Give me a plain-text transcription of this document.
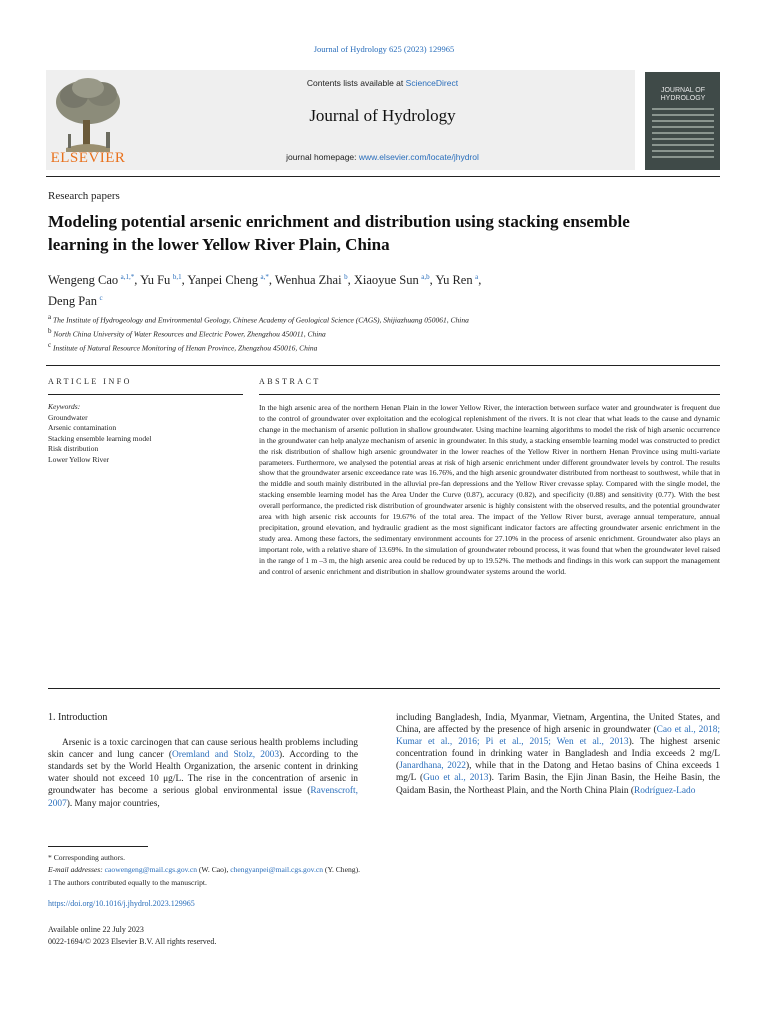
Journal of Hydrology 625 (2023) 129965
ELSEVIER
Contents lists available at ScienceDirect
Journal of Hydrology
journal homepage: www.elsevier.com/locate/jhydrol
JOURNAL OF HYDROLOGY
Research papers
Modeling potential arsenic enrichment and distribution using stacking ensemble learning in the lower Yellow River Plain, China
Wengeng Cao  $^{a,1,*}$, Yu Fu  $^{b,1}$, Yanpei Cheng  $^{a,*}$, Wenhua Zhai  $^b$, Xiaoyue Sun  $^{a,b}$, Yu Ren  $^a$,
Deng Pan  $^c$
$^a$ The Institute of Hydrogeology and Environmental Geology, Chinese Academy of Geological Science (CAGS), Shijiazhuang 050061, China
$^b$ North China University of Water Resources and Electric Power, Zhengzhou 450011, China
$^c$ Institute of Natural Resource Monitoring of Henan Province, Zhengzhou 450016, China
ARTICLE INFO	ABSTRACT
Keywords:
Groundwater
Arsenic contamination
Stacking ensemble learning model
Risk distribution
Lower Yellow River
In the high arsenic area of the northern Henan Plain in the lower Yellow River, the interaction between surface water and groundwater is frequent due to the control of groundwater over exploitation and the ecological replenishment of the rivers. It is not clear that what leads to the cause and dynamic change in the mechanism of arsenic pollution in shallow groundwater. Using machine learning algorithms to model the risk of high arsenic occurrence in the groundwater can help analyze mechanism of arsenic in groundwater. In this study, a stacking ensemble learning model was constructed to predict the risk distribution of shallow high arsenic groundwater in the lower reaches of the Yellow River in northern Henan Province using multi-variate parameters. Furthermore, we analysed the potential areas at risk of high arsenic enrichment under different groundwater levels by control. The results show that the groundwater arsenic exceedance rate was 16.76%, and the high arsenic groundwater distributed from northeast to southwest, while that in the middle and south mainly distributed in the alluvial pre-fan depressions and the Yellow River crevasse splay. Compared with the single model, the stacking ensemble learning model has the Area Under the Curve (0.87), accuracy (0.82), and specificity (0.88) and sensitivity (0.77). With the best overall performance, the predicted risk distribution of groundwater arsenic is highly consistent with the observed results, and the potential groundwater area with high arsenic risk accounts for 19.67% of the total area. The impact of the Yellow River burst, average annual temperature, annual precipitation, ground elevation, and hydraulic gradient as the most significant indicator factors are affecting groundwater arsenic enrichment in the study area. Among these factors, the sedimentary environment accounts for 27.10% in the process of arsenic enrichment. Groundwater also plays an important role, with a relative share of 13.69%. In the simulation of groundwater rebound process, it was found that when the groundwater level raised in the range of 1 m –3 m, the high arsenic area could be reduced by up to 19.52%. The methods and findings in this work can support the management and control of arsenic enrichment and distribution in shallow groundwater systems around the world.
1. Introduction
Arsenic is a toxic carcinogen that can cause serious health problems including skin cancer and lung cancer (Oremland and Stolz, 2003). According to the standards set by the World Health Organization, the arsenic content in drinking water should not exceed 10 μg/L. The rise in the concentration of arsenic in groundwater has become a serious global environmental issue (Ravenscroft, 2007). Many major countries,
including Bangladesh, India, Myanmar, Vietnam, Argentina, the United States, and China, are affected by the presence of high arsenic in groundwater (Cao et al., 2018; Kumar et al., 2016; Pi et al., 2015; Wen et al., 2013). The highest arsenic concentration found in drinking water in Bangladesh and India exceeds 2 mg/L (Janardhana, 2022), while that in the Datong and Hetao basins of China exceeds 1 mg/L (Guo et al., 2013). Tarim Basin, the Ejin Jinan Basin, the Heihe Basin, the Qaidam Basin, the Northeast Plain, and the North China Plain (Rodríguez-Lado
* Corresponding authors.
E-mail addresses: caowengeng@mail.cgs.gov.cn (W. Cao), chengyanpei@mail.cgs.gov.cn (Y. Cheng).
1 The authors contributed equally to the manuscript.
https://doi.org/10.1016/j.jhydrol.2023.129965
Available online 22 July 2023
0022-1694/© 2023 Elsevier B.V. All rights reserved.
